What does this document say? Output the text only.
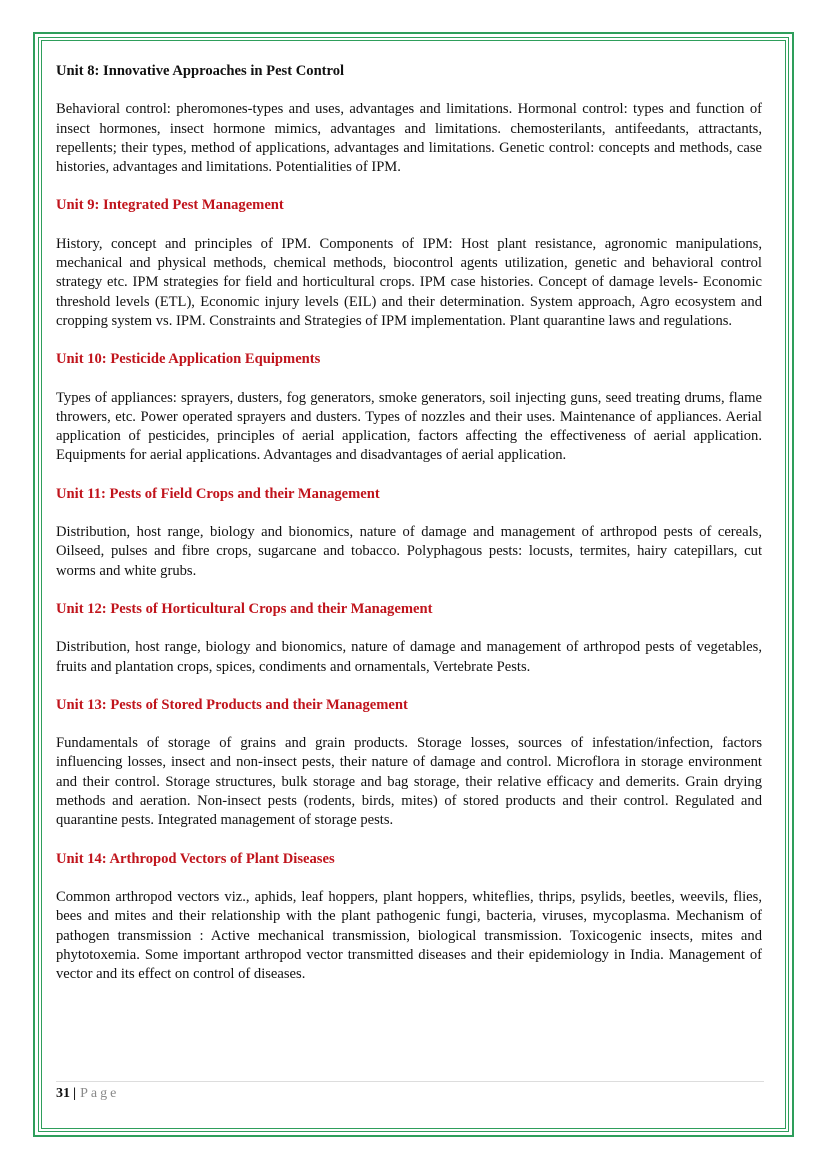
Unit 8: Innovative Approaches in Pest Control
Behavioral control: pheromones-types and uses, advantages and limitations. Hormonal control: types and function of insect hormones, insect hormone mimics, advantages and limitations. chemosterilants, antifeedants, attractants, repellents; their types, method of applications, advantages and limitations. Genetic control: concepts and methods, case histories, advantages and limitations. Potentialities of IPM.
Unit 9: Integrated Pest Management
History, concept and principles of IPM. Components of IPM: Host plant resistance, agronomic manipulations, mechanical and physical methods, chemical methods, biocontrol agents utilization, genetic and behavioral control strategy etc. IPM strategies for field and horticultural crops. IPM case histories. Concept of damage levels- Economic threshold levels (ETL), Economic injury levels (EIL) and their determination. System approach, Agro ecosystem and cropping system vs. IPM. Constraints and Strategies of IPM implementation. Plant quarantine laws and regulations.
Unit 10: Pesticide Application Equipments
Types of appliances: sprayers, dusters, fog generators, smoke generators, soil injecting guns, seed treating drums, flame throwers, etc. Power operated sprayers and dusters. Types of nozzles and their uses. Maintenance of appliances. Aerial application of pesticides, principles of aerial application, factors affecting the effectiveness of aerial application. Equipments for aerial applications. Advantages and disadvantages of aerial application.
Unit 11: Pests of Field Crops and their Management
Distribution, host range, biology and bionomics, nature of damage and management of arthropod pests of cereals, Oilseed, pulses and fibre crops, sugarcane and tobacco. Polyphagous pests: locusts, termites, hairy catepillars, cut worms and white grubs.
Unit 12: Pests of Horticultural Crops and their Management
Distribution, host range, biology and bionomics, nature of damage and management of arthropod pests of vegetables, fruits and plantation crops, spices, condiments and ornamentals, Vertebrate Pests.
Unit 13: Pests of Stored Products and their Management
Fundamentals of storage of grains and grain products. Storage losses, sources of infestation/infection, factors influencing losses, insect and non-insect pests, their nature of damage and control. Microflora in storage environment and their control. Storage structures, bulk storage and bag storage, their relative efficacy and demerits. Grain drying methods and aeration. Non-insect pests (rodents, birds, mites) of stored products and their control. Regulated and quarantine pests. Integrated management of storage pests.
Unit 14: Arthropod Vectors of Plant Diseases
Common arthropod vectors viz., aphids, leaf hoppers, plant hoppers, whiteflies, thrips, psylids, beetles, weevils, flies, bees and mites and their relationship with the plant pathogenic fungi, bacteria, viruses, mycoplasma. Mechanism of pathogen transmission : Active mechanical transmission, biological transmission. Toxicogenic insects, mites and phytotoxemia. Some important arthropod vector transmitted diseases and their epidemiology in India. Management of vector and its effect on control of diseases.
31 | Page
